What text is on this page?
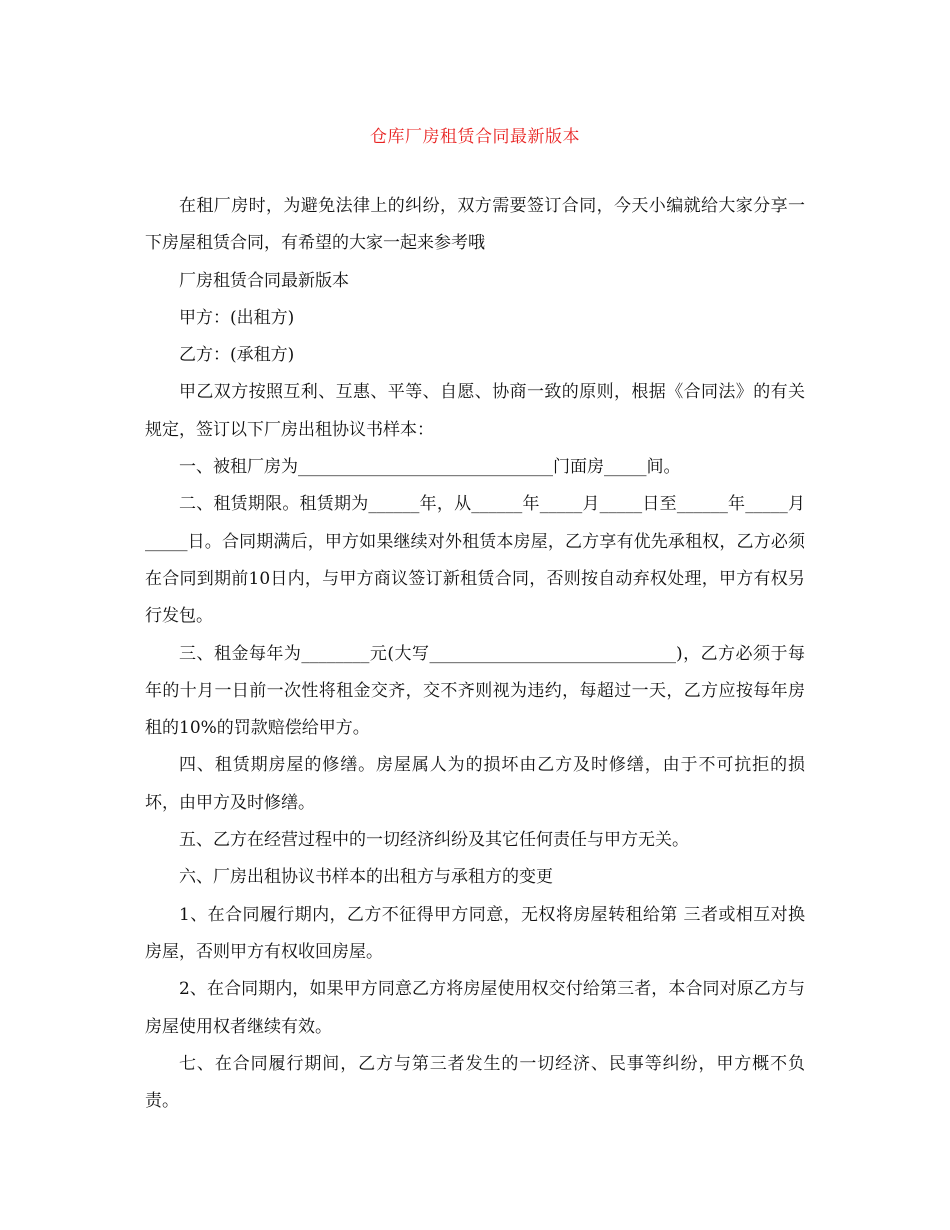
仓库厂房租赁合同最新版本

在租厂房时，为避免法律上的纠纷，双方需要签订合同，今天小编就给大家分享一下房屋租赁合同，有希望的大家一起来参考哦

厂房租赁合同最新版本

甲方：(出租方)

乙方：(承租方)

甲乙双方按照互利、互惠、平等、自愿、协商一致的原则，根据《合同法》的有关规定，签订以下厂房出租协议书样本：

一、被租厂房为______________________________门面房_____间。

二、租赁期限。租赁期为______年，从______年_____月_____日至______年_____月_____日。合同期满后，甲方如果继续对外租赁本房屋，乙方享有优先承租权，乙方必须在合同到期前10日内，与甲方商议签订新租赁合同，否则按自动弃权处理，甲方有权另行发包。

三、租金每年为________元(大写_____________________________)，乙方必须于每年的十月一日前一次性将租金交齐，交不齐则视为违约，每超过一天，乙方应按每年房租的10%的罚款赔偿给甲方。

四、租赁期房屋的修缮。房屋属人为的损坏由乙方及时修缮，由于不可抗拒的损坏，由甲方及时修缮。

五、乙方在经营过程中的一切经济纠纷及其它任何责任与甲方无关。

六、厂房出租协议书样本的出租方与承租方的变更

1、在合同履行期内，乙方不征得甲方同意，无权将房屋转租给第 三者或相互对换房屋，否则甲方有权收回房屋。

2、在合同期内，如果甲方同意乙方将房屋使用权交付给第三者，本合同对原乙方与房屋使用权者继续有效。

七、在合同履行期间，乙方与第三者发生的一切经济、民事等纠纷，甲方概不负责。
